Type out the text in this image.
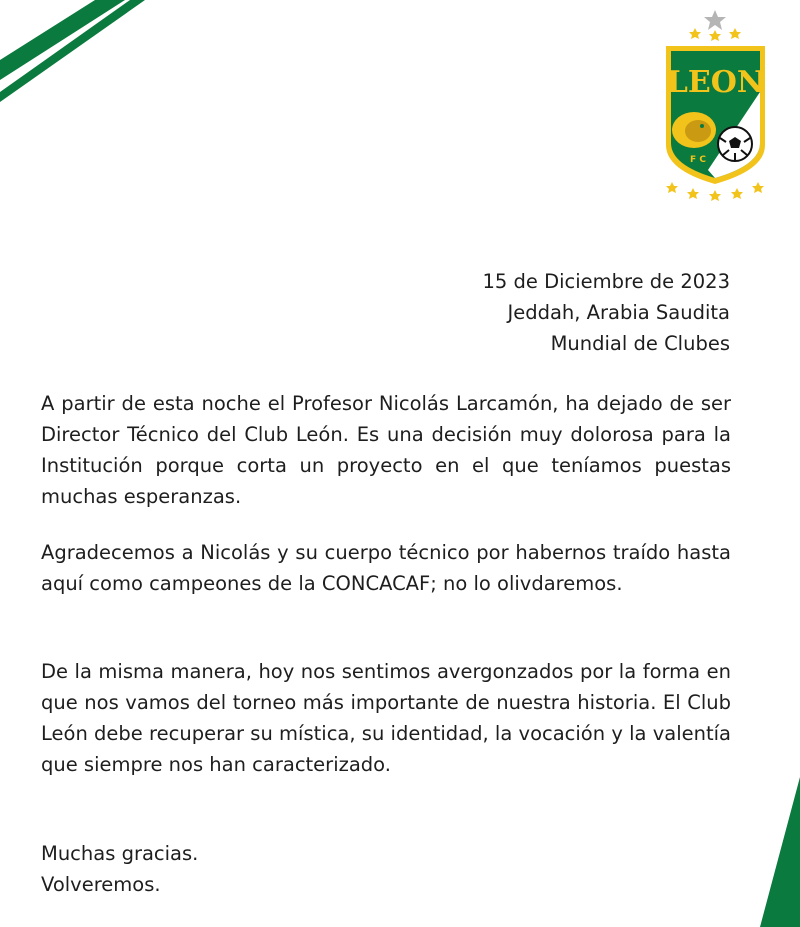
LEON
F C
15 de Diciembre de 2023
Jeddah, Arabia Saudita
Mundial de Clubes

A partir de esta noche el Profesor Nicolás Larcamón, ha dejado de ser Director Técnico del Club León. Es una decisión muy dolorosa para la Institución porque corta un proyecto en el que teníamos puestas muchas esperanzas.

Agradecemos a Nicolás y su cuerpo técnico por habernos traído hasta aquí como campeones de la CONCACAF; no lo olivdaremos.

De la misma manera, hoy nos sentimos avergonzados por la forma en que nos vamos del torneo más importante de nuestra historia. El Club León debe recuperar su mística, su identidad, la vocación y la valentía que siempre nos han caracterizado.

Muchas gracias.
Volveremos.
